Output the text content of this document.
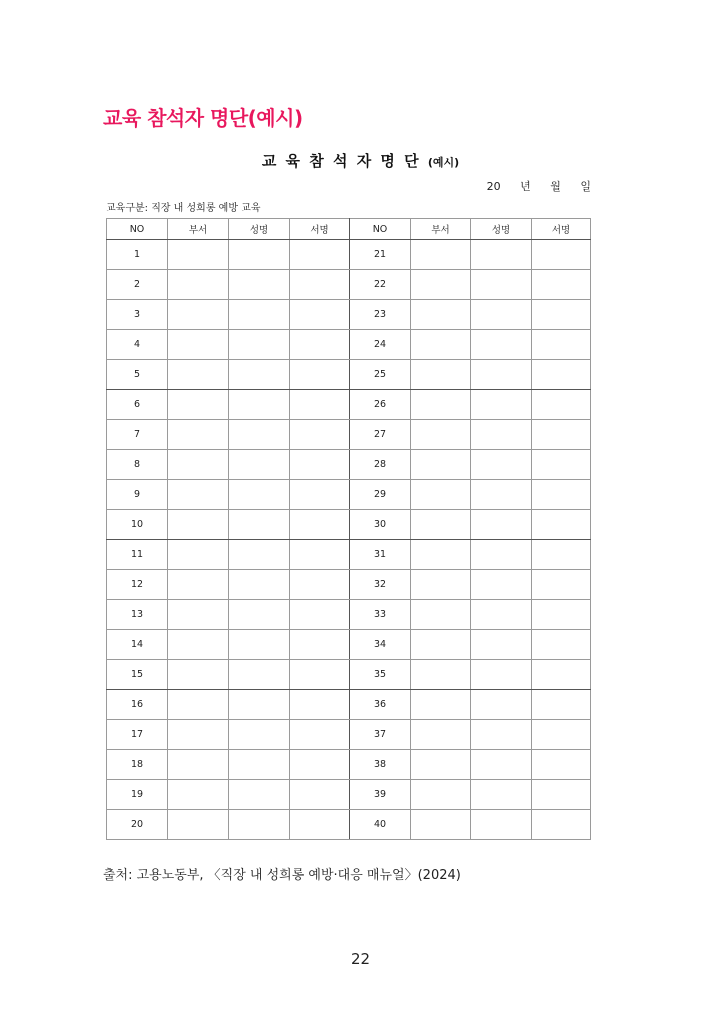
교육 참석자 명단(예시)
교 육 참 석 자 명 단 (예시)
20 년 월 일
교육구분: 직장 내 성희롱 예방 교육
NO	부서	성명	서명	NO	부서	성명	서명
1				21			
2				22			
3				23			
4				24			
5				25			
6				26			
7				27			
8				28			
9				29			
10				30			
11				31			
12				32			
13				33			
14				34			
15				35			
16				36			
17				37			
18				38			
19				39			
20				40			
출처: 고용노동부, 〈직장 내 성희롱 예방·대응 매뉴얼〉(2024)
22
